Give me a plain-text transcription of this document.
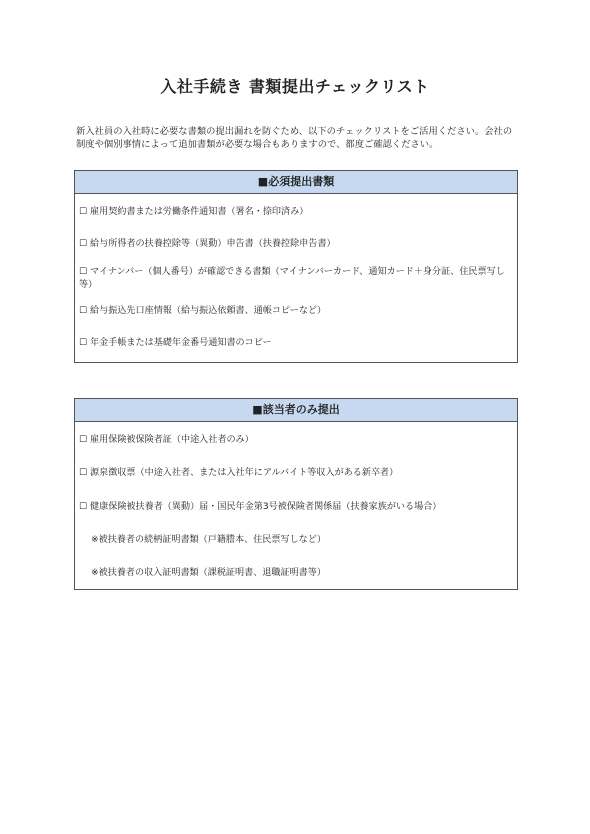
入社手続き 書類提出チェックリスト
新入社員の入社時に必要な書類の提出漏れを防ぐため、以下のチェックリストをご活用ください。会社の制度や個別事情によって追加書類が必要な場合もありますので、都度ご確認ください。
■必須提出書類
☐ 雇用契約書または労働条件通知書（署名・捺印済み）
☐ 給与所得者の扶養控除等（異動）申告書（扶養控除申告書）
☐ マイナンバー（個人番号）が確認できる書類（マイナンバーカード、通知カード＋身分証、住民票写し等）
☐ 給与振込先口座情報（給与振込依頼書、通帳コピーなど）
☐ 年金手帳または基礎年金番号通知書のコピー
■該当者のみ提出
☐ 雇用保険被保険者証（中途入社者のみ）
☐ 源泉徴収票（中途入社者、または入社年にアルバイト等収入がある新卒者）
☐ 健康保険被扶養者（異動）届・国民年金第3号被保険者関係届（扶養家族がいる場合）
※被扶養者の続柄証明書類（戸籍謄本、住民票写しなど）
※被扶養者の収入証明書類（課税証明書、退職証明書等）
